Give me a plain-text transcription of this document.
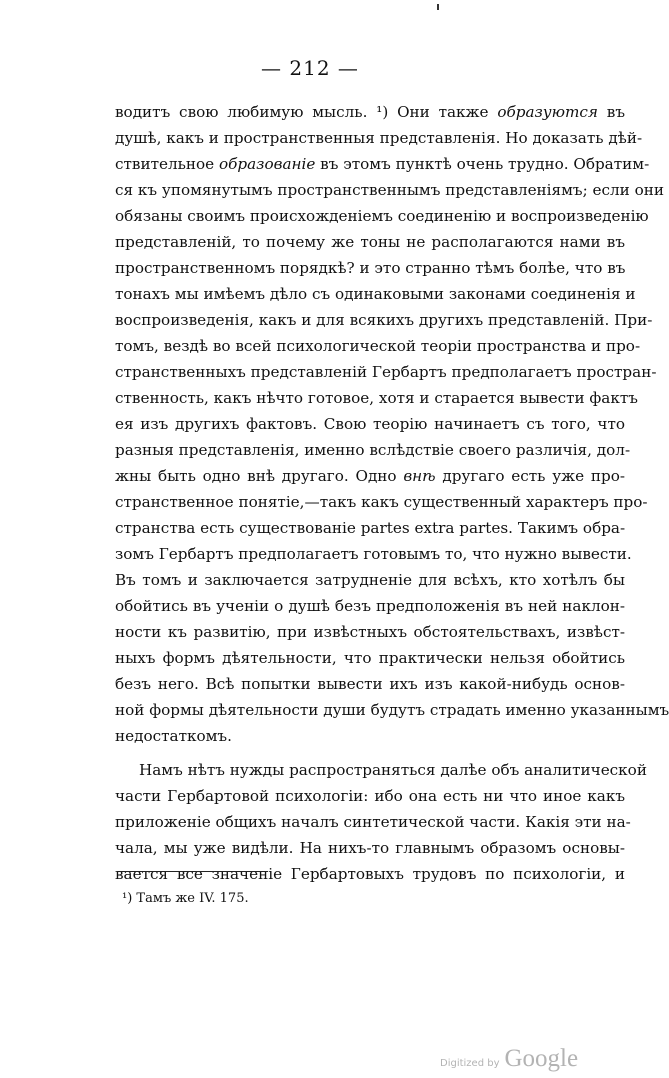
— 212 —
водитъ свою любимую мысль. ¹) Они также образуются въ
душѣ, какъ и пространственныя представленія. Но доказать дѣй-
ствительное образованіе въ этомъ пунктѣ очень трудно. Обратим-
ся къ упомянутымъ пространственнымъ представленіямъ; если они
обязаны своимъ происхожденіемъ соединенію и воспроизведенію
представленій, то почему же тоны не располагаются нами въ
пространственномъ порядкѣ? и это странно тѣмъ болѣе, что въ
тонахъ мы имѣемъ дѣло съ одинаковыми законами соединенія и
воспроизведенія, какъ и для всякихъ другихъ представленій. При-
томъ, вездѣ во всей психологической теоріи пространства и про-
странственныхъ представленій Гербартъ предполагаетъ простран-
ственность, какъ нѣчто готовое, хотя и старается вывести фактъ
ея изъ другихъ фактовъ. Свою теорію начинаетъ съ того, что
разныя представленія, именно вслѣдствіе своего различія, дол-
жны быть одно внѣ другаго. Одно внѣ другаго есть уже про-
странственное понятіе,—такъ какъ существенный характеръ про-
странства есть существованіе partes extra partes. Такимъ обра-
зомъ Гербартъ предполагаетъ готовымъ то, что нужно вывести.
Въ томъ и заключается затрудненіе для всѣхъ, кто хотѣлъ бы
обойтись въ ученіи о душѣ безъ предположенія въ ней наклон-
ности къ развитію, при извѣстныхъ обстоятельствахъ, извѣст-
ныхъ формъ дѣятельности, что практически нельзя обойтись
безъ него. Всѣ попытки вывести ихъ изъ какой-нибудь основ-
ной формы дѣятельности души будутъ страдать именно указаннымъ
недостаткомъ.
Намъ нѣтъ нужды распространяться далѣе объ аналитической
части Гербартовой психологіи: ибо она есть ни что иное какъ
приложеніе общихъ началъ синтетической части. Какія эти на-
чала, мы уже видѣли. На нихъ-то главнымъ образомъ основы-
вается все значеніе Гербартовыхъ трудовъ по психологіи, и
¹) Тамъ же IV. 175.
Digitized by Google
